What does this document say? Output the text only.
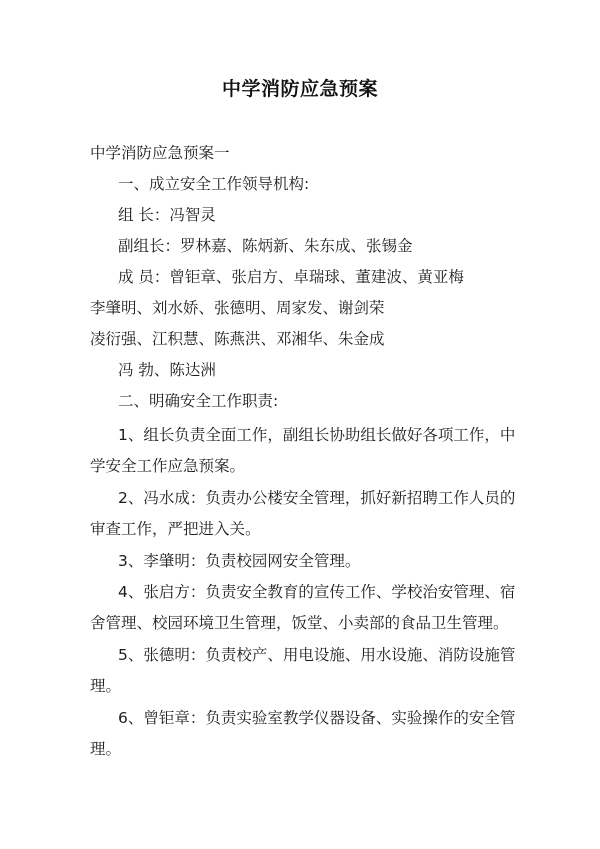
中学消防应急预案
中学消防应急预案一
一、成立安全工作领导机构:
组 长：冯智灵
副组长：罗林嘉、陈炳新、朱东成、张锡金
成 员：曾钜章、张启方、卓瑞球、董建波、黄亚梅
李肇明、刘水娇、张德明、周家发、谢剑荣
凌衍强、江积慧、陈燕洪、邓湘华、朱金成
冯 勃、陈达洲
二、明确安全工作职责:
1、组长负责全面工作，副组长协助组长做好各项工作，中
学安全工作应急预案。
2、冯水成：负责办公楼安全管理，抓好新招聘工作人员的
审查工作，严把进入关。
3、李肇明：负责校园网安全管理。
4、张启方：负责安全教育的宣传工作、学校治安管理、宿
舍管理、校园环境卫生管理，饭堂、小卖部的食品卫生管理。
5、张德明：负责校产、用电设施、用水设施、消防设施管
理。
6、曾钜章：负责实验室教学仪器设备、实验操作的安全管
理。
